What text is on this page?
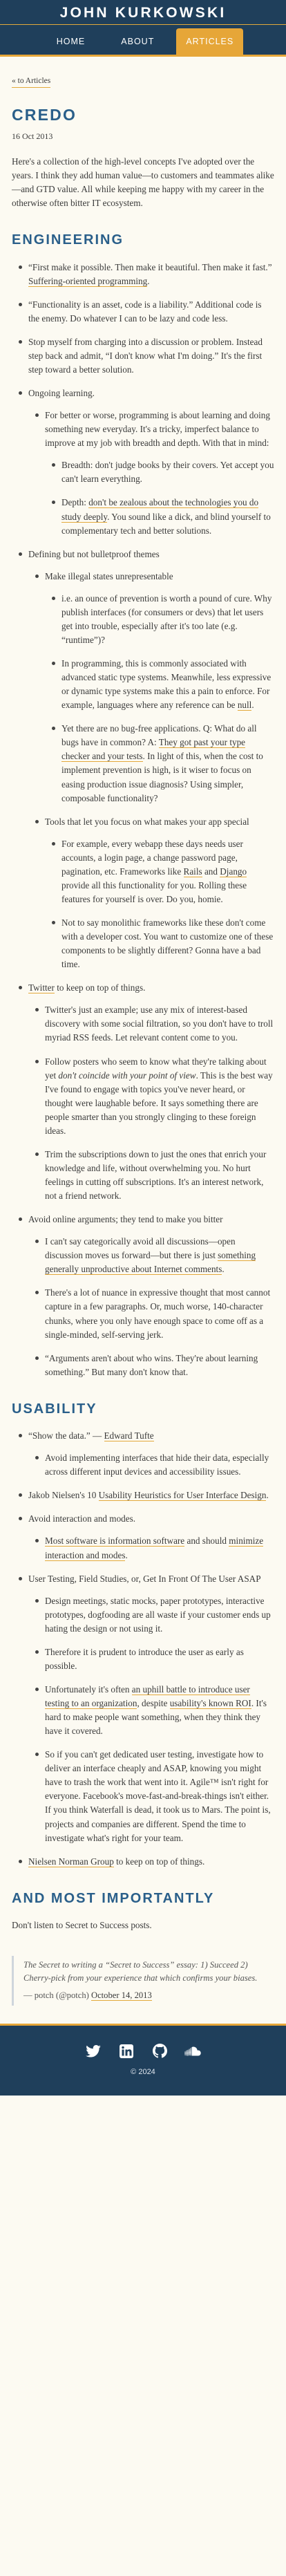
JOHN KURKOWSKI
HOME	ABOUT	ARTICLES
« to Articles
CREDO
16 Oct 2013

Here's a collection of the high-level concepts I've adopted over the years. I think they add human value—to customers and teammates alike—and GTD value. All while keeping me happy with my career in the otherwise often bitter IT ecosystem.

ENGINEERING
“First make it possible. Then make it beautiful. Then make it fast.” Suffering-oriented programming.
“Functionality is an asset, code is a liability.” Additional code is the enemy. Do whatever I can to be lazy and code less.
Stop myself from charging into a discussion or problem. Instead step back and admit, “I don't know what I'm doing.” It's the first step toward a better solution.
Ongoing learning.
For better or worse, programming is about learning and doing something new everyday. It's a tricky, imperfect balance to improve at my job with breadth and depth. With that in mind:
Breadth: don't judge books by their covers. Yet accept you can't learn everything.
Depth: don't be zealous about the technologies you do study deeply. You sound like a dick, and blind yourself to complementary tech and better solutions.
Defining but not bulletproof themes
Make illegal states unrepresentable
i.e. an ounce of prevention is worth a pound of cure. Why publish interfaces (for consumers or devs) that let users get into trouble, especially after it's too late (e.g. “runtime”)?
In programming, this is commonly associated with advanced static type systems. Meanwhile, less expressive or dynamic type systems make this a pain to enforce. For example, languages where any reference can be null.
Yet there are no bug-free applications. Q: What do all bugs have in common? A: They got past your type checker and your tests. In light of this, when the cost to implement prevention is high, is it wiser to focus on easing production issue diagnosis? Using simpler, composable functionality?
Tools that let you focus on what makes your app special
For example, every webapp these days needs user accounts, a login page, a change password page, pagination, etc. Frameworks like Rails and Django provide all this functionality for you. Rolling these features for yourself is over. Do you, homie.
Not to say monolithic frameworks like these don't come with a developer cost. You want to customize one of these components to be slightly different? Gonna have a bad time.
Twitter to keep on top of things.
Twitter's just an example; use any mix of interest-based discovery with some social filtration, so you don't have to troll myriad RSS feeds. Let relevant content come to you.
Follow posters who seem to know what they're talking about yet don't coincide with your point of view. This is the best way I've found to engage with topics you've never heard, or thought were laughable before. It says something there are people smarter than you strongly clinging to these foreign ideas.
Trim the subscriptions down to just the ones that enrich your knowledge and life, without overwhelming you. No hurt feelings in cutting off subscriptions. It's an interest network, not a friend network.
Avoid online arguments; they tend to make you bitter
I can't say categorically avoid all discussions—open discussion moves us forward—but there is just something generally unproductive about Internet comments.
There's a lot of nuance in expressive thought that most cannot capture in a few paragraphs. Or, much worse, 140-character chunks, where you only have enough space to come off as a single-minded, self-serving jerk.
“Arguments aren't about who wins. They're about learning something.” But many don't know that.
USABILITY
“Show the data.” — Edward Tufte
Avoid implementing interfaces that hide their data, especially across different input devices and accessibility issues.
Jakob Nielsen's 10 Usability Heuristics for User Interface Design.
Avoid interaction and modes.
Most software is information software and should minimize interaction and modes.
User Testing, Field Studies, or, Get In Front Of The User ASAP
Design meetings, static mocks, paper prototypes, interactive prototypes, dogfooding are all waste if your customer ends up hating the design or not using it.
Therefore it is prudent to introduce the user as early as possible.
Unfortunately it's often an uphill battle to introduce user testing to an organization, despite usability's known ROI. It's hard to make people want something, when they think they have it covered.
So if you can't get dedicated user testing, investigate how to deliver an interface cheaply and ASAP, knowing you might have to trash the work that went into it. Agile™ isn't right for everyone. Facebook's move-fast-and-break-things isn't either. If you think Waterfall is dead, it took us to Mars. The point is, projects and companies are different. Spend the time to investigate what's right for your team.
Nielsen Norman Group to keep on top of things.
AND MOST IMPORTANTLY

Don't listen to Secret to Success posts.

The Secret to writing a “Secret to Success” essay: 1) Succeed 2) Cherry-pick from your experience that which confirms your biases.
— potch (@potch) October 14, 2013
© 2024
